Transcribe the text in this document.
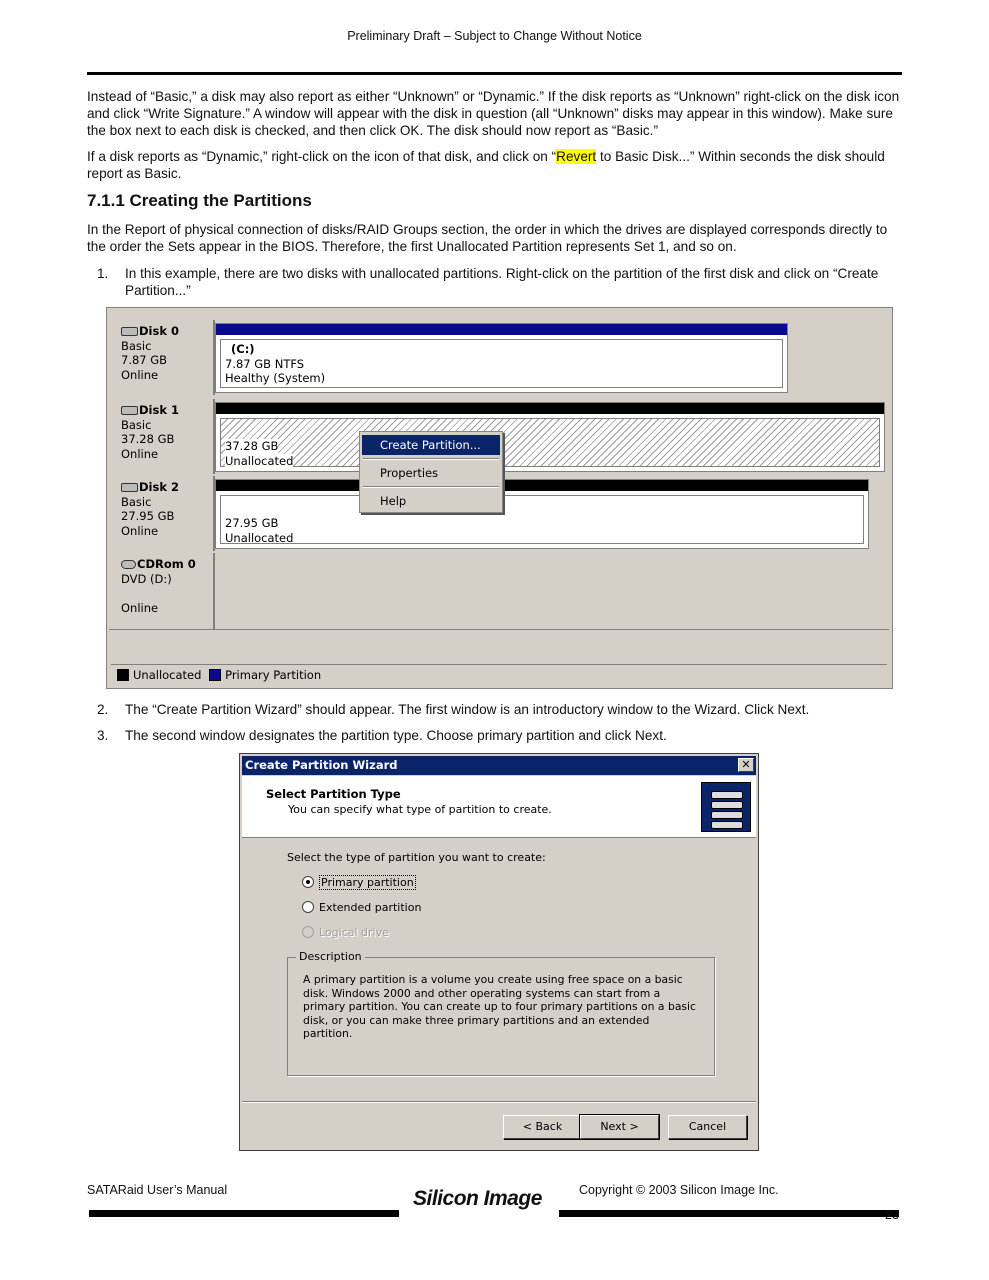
Preliminary Draft – Subject to Change Without Notice
Instead of “Basic,” a disk may also report as either “Unknown” or “Dynamic.” If the disk reports as “Unknown” right-click on the disk icon and click “Write Signature.” A window will appear with the disk in question (all “Unknown” disks may appear in this window). Make sure the box next to each disk is checked, and then click OK. The disk should now report as “Basic.”
If a disk reports as “Dynamic,” right-click on the icon of that disk, and click on “Revert to Basic Disk...” Within seconds the disk should report as Basic.
7.1.1 Creating the Partitions
In the Report of physical connection of disks/RAID Groups section, the order in which the drives are displayed corresponds directly to the order the Sets appear in the BIOS. Therefore, the first Unallocated Partition represents Set 1, and so on.
1. In this example, there are two disks with unallocated partitions. Right-click on the partition of the first disk and click on “Create Partition...”
Disk 0
Basic
7.87 GB
Online
(C:)
7.87 GB NTFS
Healthy (System)
Disk 1
Basic
37.28 GB
Online
37.28 GB
Unallocated
Disk 2
Basic
27.95 GB
Online
27.95 GB
Unallocated
CDRom 0
DVD (D:)

Online
Create Partition...
Properties
Help
Unallocated Primary Partition
2. The “Create Partition Wizard” should appear. The first window is an introductory window to the Wizard. Click Next.
3. The second window designates the partition type. Choose primary partition and click Next.
Create Partition Wizard	✕
Select Partition Type
You can specify what type of partition to create.
Select the type of partition you want to create:
Primary partition
Extended partition
Logical drive
Description
A primary partition is a volume you create using free space on a basic disk. Windows 2000 and other operating systems can start from a primary partition. You can create up to four primary partitions on a basic disk, or you can make three primary partitions and an extended partition.
< Back	Next >	Cancel
SATARaid User’s Manual	Silicon Image	Copyright © 2003 Silicon Image Inc.
23
